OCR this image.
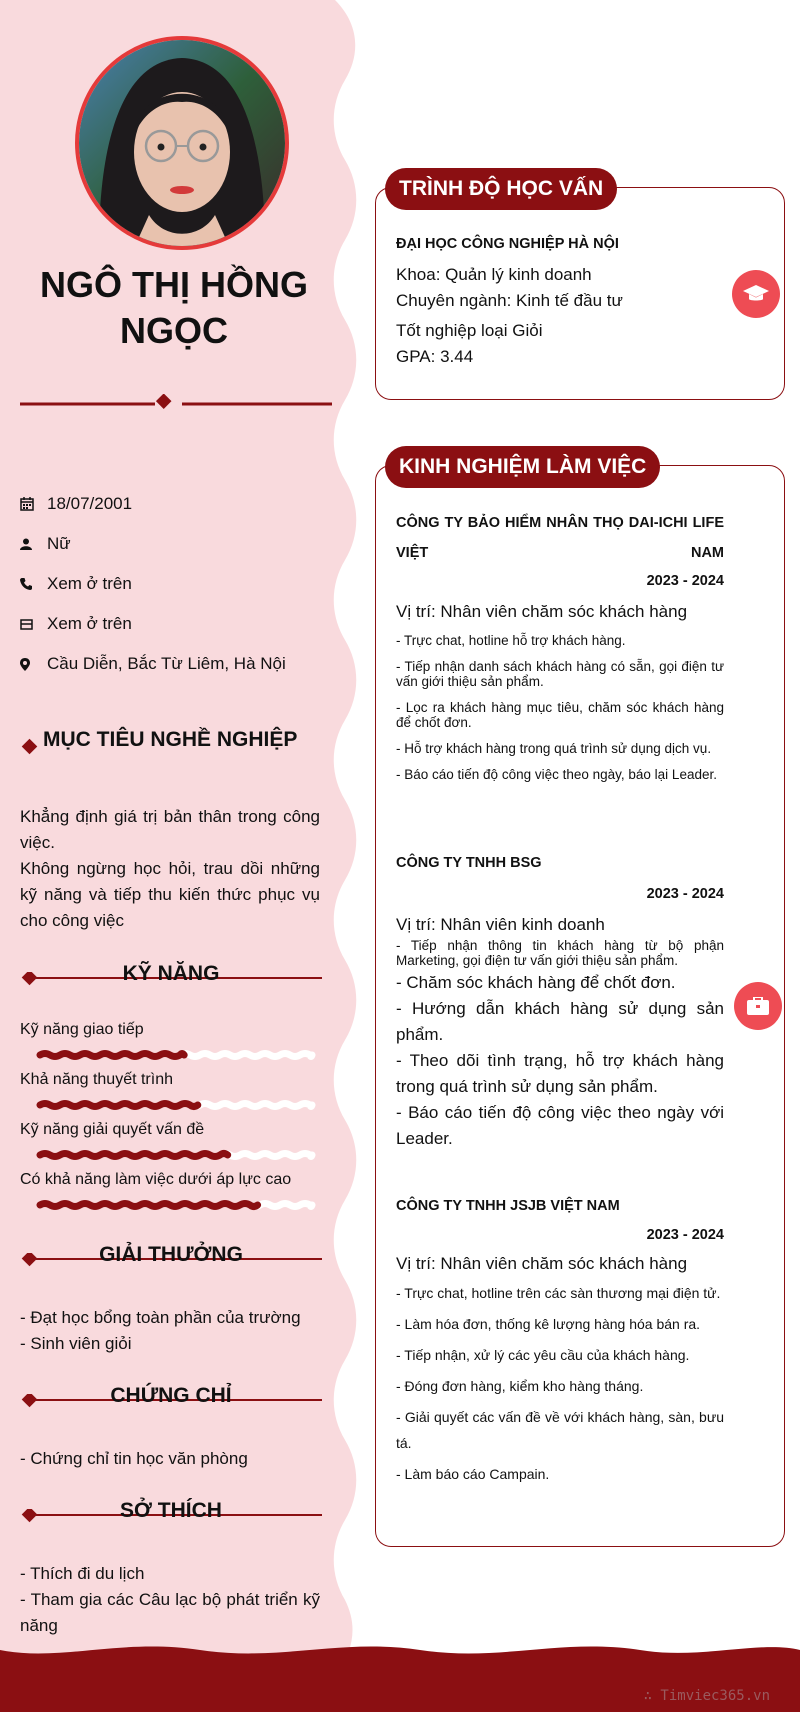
∴ Timviec365.vn
NGÔ THỊ HỒNG NGỌC
18/07/2001
Nữ
Xem ở trên
Xem ở trên
Cầu Diễn, Bắc Từ Liêm, Hà Nội
MỤC TIÊU NGHỀ NGHIỆP
Khẳng định giá trị bản thân trong công việc.
Không ngừng học hỏi, trau dồi những kỹ năng và tiếp thu kiến thức phục vụ cho công việc
KỸ NĂNG
Kỹ năng giao tiếp
Khả năng thuyết trình
Kỹ năng giải quyết vấn đề
Có khả năng làm việc dưới áp lực cao
GIẢI THƯỞNG
- Đạt học bổng toàn phần của trường
- Sinh viên giỏi
CHỨNG CHỈ
- Chứng chỉ tin học văn phòng
SỞ THÍCH
- Thích đi du lịch
- Tham gia các Câu lạc bộ phát triển kỹ năng
TRÌNH ĐỘ HỌC VẤN
ĐẠI HỌC CÔNG NGHIỆP HÀ NỘI
Khoa: Quản lý kinh doanh
Chuyên ngành: Kinh tế đầu tư
Tốt nghiệp loại Giỏi
GPA: 3.44
KINH NGHIỆM LÀM VIỆC
CÔNG TY BẢO HIỂM NHÂN THỌ DAI-ICHI LIFE VIỆT NAM
2023 - 2024
Vị trí: Nhân viên chăm sóc khách hàng
- Trực chat, hotline hỗ trợ khách hàng.
- Tiếp nhận danh sách khách hàng có sẵn, gọi điện tư vấn giới thiệu sản phẩm.
- Lọc ra khách hàng mục tiêu, chăm sóc khách hàng để chốt đơn.
- Hỗ trợ khách hàng trong quá trình sử dụng dịch vụ.
- Báo cáo tiến độ công việc theo ngày, báo lại Leader.
CÔNG TY TNHH BSG
2023 - 2024
Vị trí: Nhân viên kinh doanh
- Tiếp nhận thông tin khách hàng từ bộ phận Marketing, gọi điện tư vấn giới thiệu sản phẩm.
- Chăm sóc khách hàng để chốt đơn.
- Hướng dẫn khách hàng sử dụng sản phẩm.
- Theo dõi tình trạng, hỗ trợ khách hàng trong quá trình sử dụng sản phẩm.
- Báo cáo tiến độ công việc theo ngày với Leader.
CÔNG TY TNHH JSJB VIỆT NAM
2023 - 2024
Vị trí: Nhân viên chăm sóc khách hàng
- Trực chat, hotline trên các sàn thương mại điện tử.
- Làm hóa đơn, thống kê lượng hàng hóa bán ra.
- Tiếp nhận, xử lý các yêu cầu của khách hàng.
- Đóng đơn hàng, kiểm kho hàng tháng.
- Giải quyết các vấn đề về với khách hàng, sàn, bưu tá.
- Làm báo cáo Campain.
